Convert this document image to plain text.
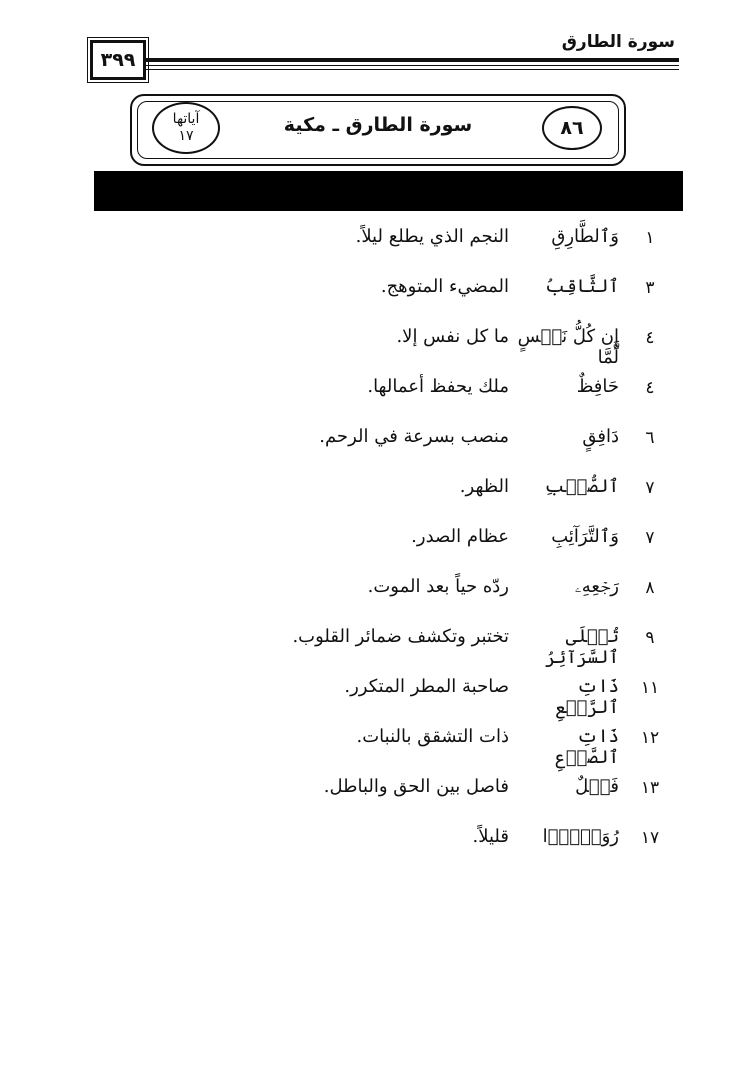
٣٩٩
سورة الطارق
آياتها
١٧	سورة الطارق ـ مكية	٨٦
١
وَٱلطَّارِقِ
النجم الذي يطلع ليلاً.
٣
ٱلثَّاقِبُ
المضيء المتوهج.
٤
إِن كُلُّ نَفۡسٍ لَّمَّا
ما كل نفس إلا.
٤
حَافِظٌ
ملك يحفظ أعمالها.
٦
دَافِقٍ
منصب بسرعة في الرحم.
٧
ٱلصُّلۡبِ
الظهر.
٧
وَٱلتَّرَآئِبِ
عظام الصدر.
٨
رَجۡعِهِۦ
ردّه حياً بعد الموت.
٩
تُبۡلَى ٱلسَّرَآئِرُ
تختبر وتكشف ضمائر القلوب.
١١
ذَاتِ ٱلرَّجۡعِ
صاحبة المطر المتكرر.
١٢
ذَاتِ ٱلصَّدۡعِ
ذات التشقق بالنبات.
١٣
فَصۡلٌ
فاصل بين الحق والباطل.
١٧
رُوَيۡدَۢا
قليلاً.
